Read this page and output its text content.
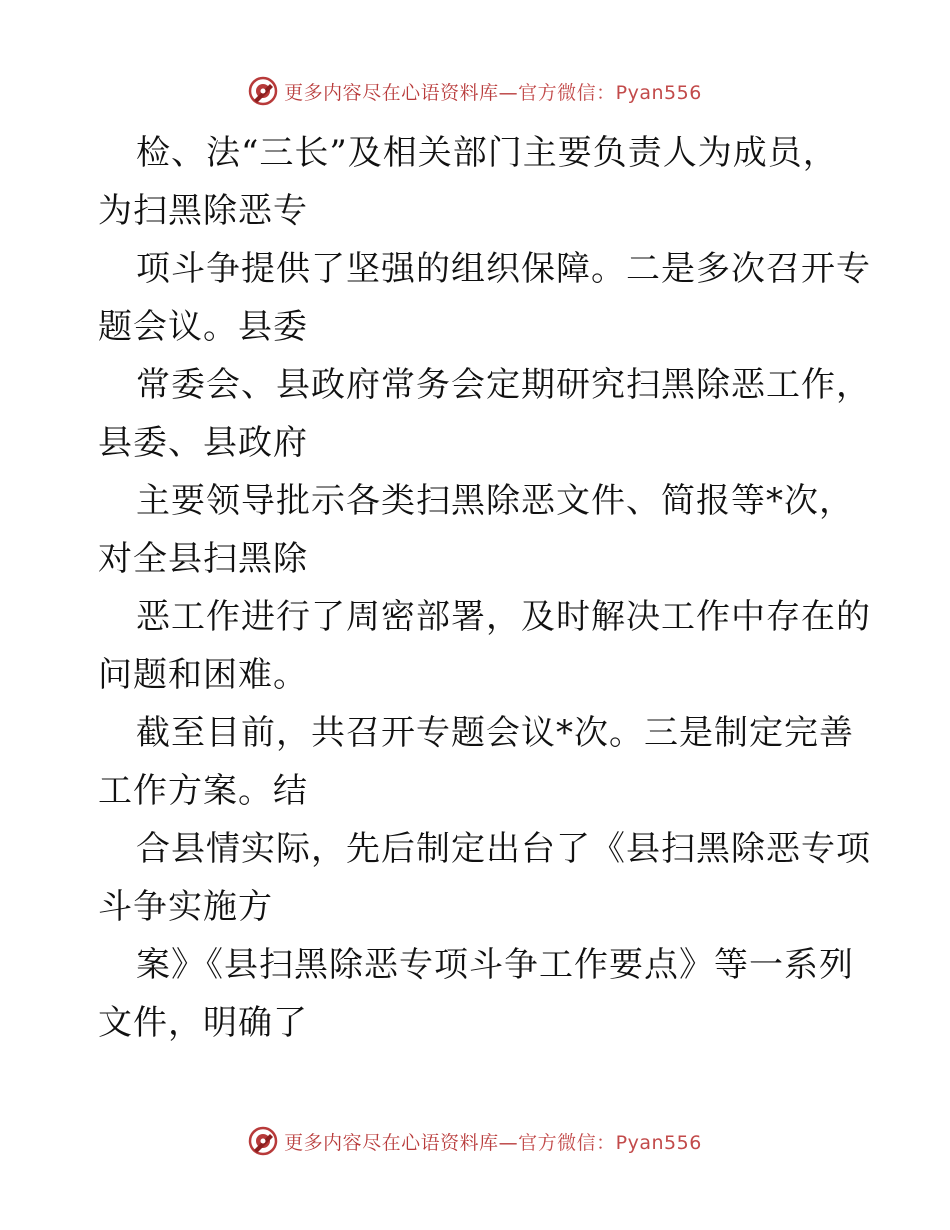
更多内容尽在心语资料库—官方微信：Pyan556
检、法“三长”及相关部门主要负责人为成员，
为扫黑除恶专
项斗争提供了坚强的组织保障。二是多次召开专
题会议。县委
常委会、县政府常务会定期研究扫黑除恶工作，
县委、县政府
主要领导批示各类扫黑除恶文件、简报等*次，
对全县扫黑除
恶工作进行了周密部署，及时解决工作中存在的
问题和困难。
截至目前，共召开专题会议*次。三是制定完善
工作方案。结
合县情实际，先后制定出台了《县扫黑除恶专项
斗争实施方
案》《县扫黑除恶专项斗争工作要点》等一系列
文件，明确了
更多内容尽在心语资料库—官方微信：Pyan556
